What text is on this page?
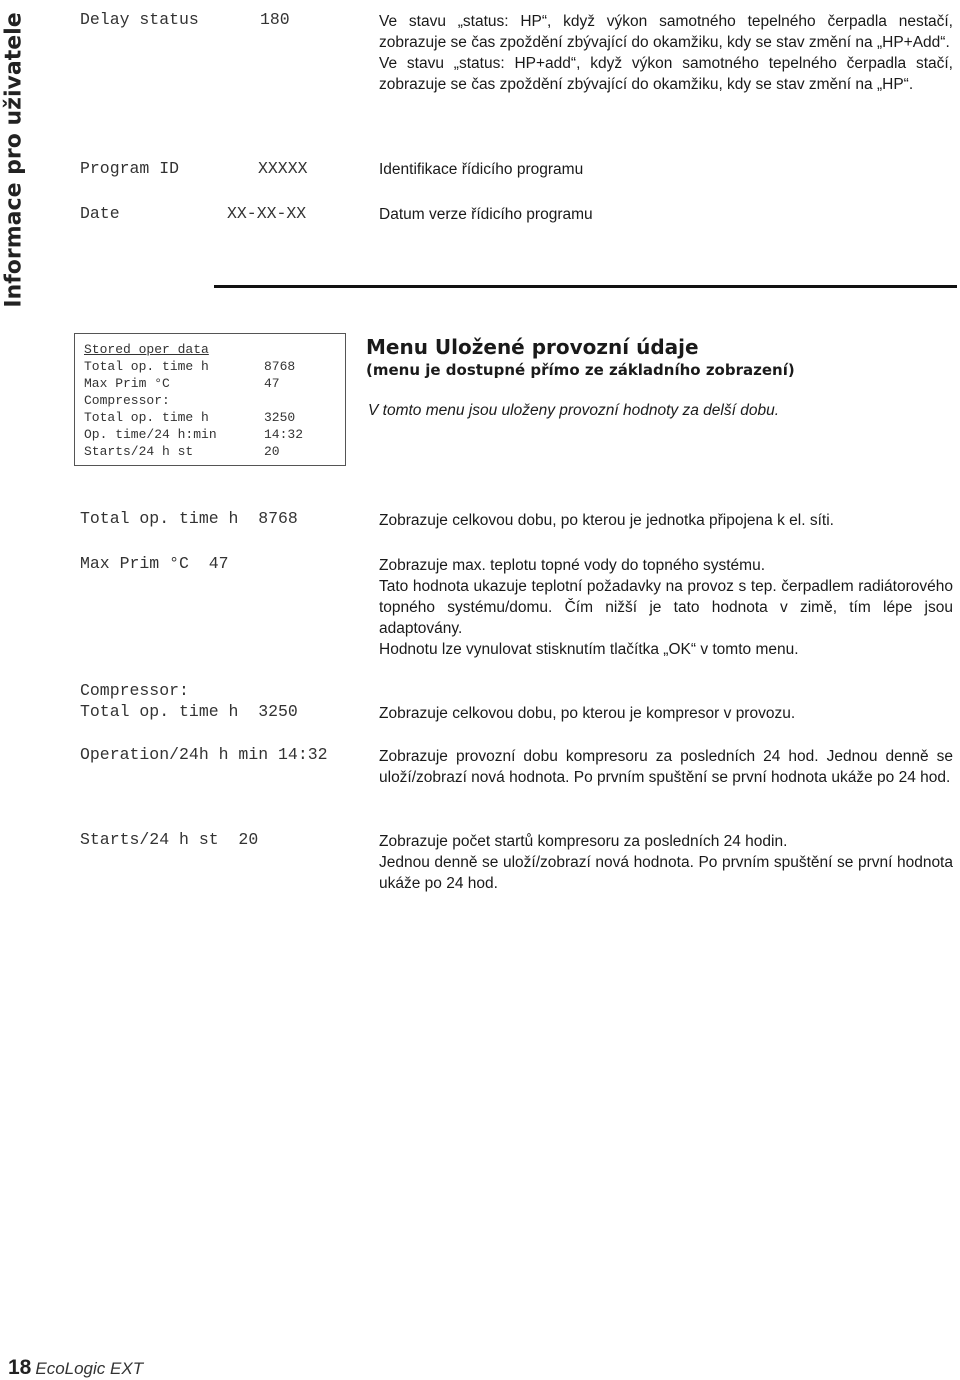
Informace pro uživatele	Delay status	180	Ve stavu „status: HP“, když výkon samotného tepelného čerpadla nestačí, zobrazuje se čas zpoždění zbývající do okamžiku, kdy se stav změní na „HP+Add“.

Ve stavu „status: HP+add“, když výkon samotného tepelného čerpadla stačí, zobrazuje se čas zpoždění zbývající do okamžiku, kdy se stav změní na „HP“.

Program ID	XXXXX	Identifikace řídicího programu
Date	XX-XX-XX	Datum verze řídicího programu
Stored oper data
Total op. time h	8768
Max Prim °C	47
Compressor:
Total op. time h	3250
Op. time/24 h:min	14:32
Starts/24 h st	20
Menu Uložené provozní údaje
(menu je dostupné přímo ze základního zobrazení)
V tomto menu jsou uloženy provozní hodnoty za delší dobu.
Total op. time h  8768	Zobrazuje celkovou dobu, po kterou je jednotka připojena k el. síti.
Max Prim °C  47	Zobrazuje max. teplotu topné vody do topného systému.

Tato hodnota ukazuje teplotní požadavky na provoz s tep. čerpadlem radiátorového topného systému/domu. Čím nižší je tato hodnota v zimě, tím lépe jsou adaptovány.

Hodnotu lze vynulovat stisknutím tlačítka „OK“ v tomto menu.

Compressor:
Total op. time h  3250	Zobrazuje celkovou dobu, po kterou je kompresor v provozu.
Operation/24h h min 14:32	Zobrazuje provozní dobu kompresoru za posledních 24 hod. Jednou denně se uloží/zobrazí nová hodnota. Po prvním spuštění se první hodnota ukáže po 24 hod.
Starts/24 h st  20	Zobrazuje počet startů kompresoru za posledních 24 hodin.

Jednou denně se uloží/zobrazí nová hodnota. Po prvním spuštění se první hodnota ukáže po 24 hod.

18 EcoLogic EXT
